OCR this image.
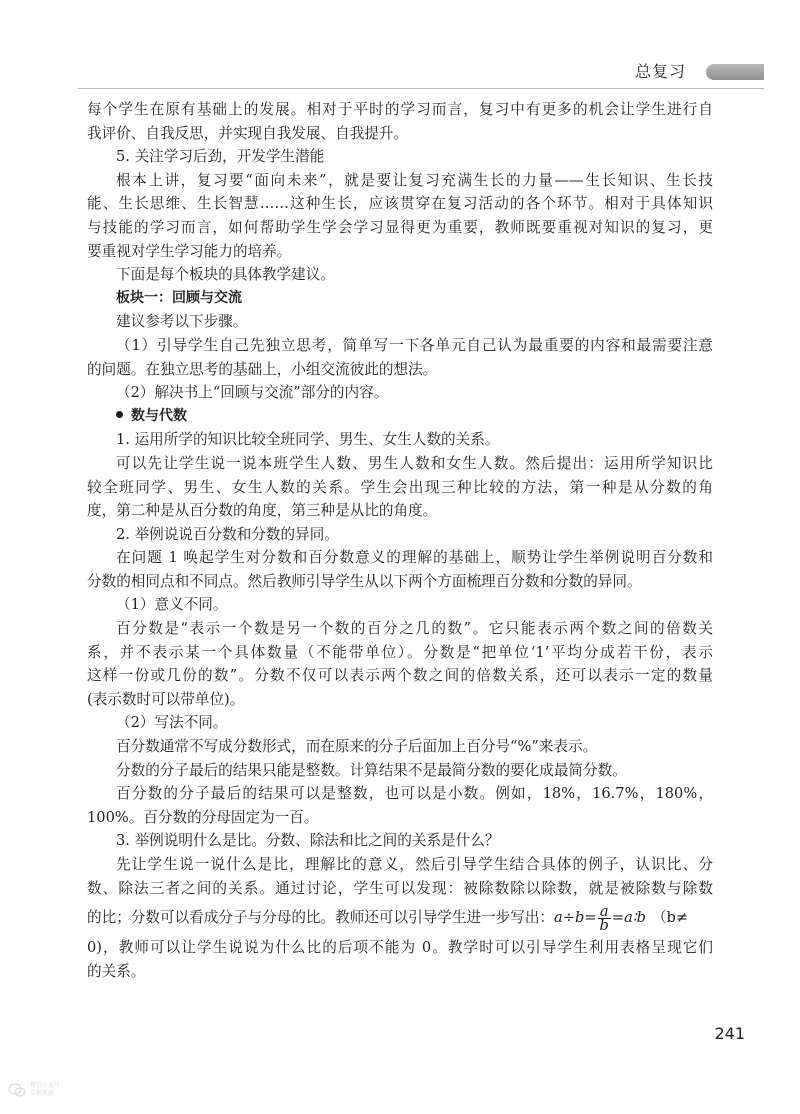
总复习
每个学生在原有基础上的发展。相对于平时的学习而言，复习中有更多的机会让学生进行自
我评价、自我反思，并实现自我发展、自我提升。
5. 关注学习后劲，开发学生潜能
根本上讲，复习要“面向未来”，就是要让复习充满生长的力量——生长知识、生长技
能、生长思维、生长智慧……这种生长，应该贯穿在复习活动的各个环节。相对于具体知识
与技能的学习而言，如何帮助学生学会学习显得更为重要，教师既要重视对知识的复习，更
要重视对学生学习能力的培养。
下面是每个板块的具体教学建议。
板块一：回顾与交流
建议参考以下步骤。
（1）引导学生自己先独立思考，简单写一下各单元自己认为最重要的内容和最需要注意
的问题。在独立思考的基础上，小组交流彼此的想法。
（2）解决书上“回顾与交流”部分的内容。
数与代数
1. 运用所学的知识比较全班同学、男生、女生人数的关系。
可以先让学生说一说本班学生人数、男生人数和女生人数。然后提出：运用所学知识比
较全班同学、男生、女生人数的关系。学生会出现三种比较的方法，第一种是从分数的角
度，第二种是从百分数的角度，第三种是从比的角度。
2. 举例说说百分数和分数的异同。
在问题 1 唤起学生对分数和百分数意义的理解的基础上，顺势让学生举例说明百分数和
分数的相同点和不同点。然后教师引导学生从以下两个方面梳理百分数和分数的异同。
（1）意义不同。
百分数是“表示一个数是另一个数的百分之几的数”。它只能表示两个数之间的倍数关
系，并不表示某一个具体数量（不能带单位）。分数是“把单位‘1’平均分成若干份，表示
这样一份或几份的数”。分数不仅可以表示两个数之间的倍数关系，还可以表示一定的数量
(表示数时可以带单位)。
（2）写法不同。
百分数通常不写成分数形式，而在原来的分子后面加上百分号“%”来表示。
分数的分子最后的结果只能是整数。计算结果不是最简分数的要化成最简分数。
百分数的分子最后的结果可以是整数，也可以是小数。例如，18%，16.7%，180%，
100%。百分数的分母固定为一百。
3. 举例说明什么是比。分数、除法和比之间的关系是什么？
先让学生说一说什么是比，理解比的意义，然后引导学生结合具体的例子，认识比、分
数、除法三者之间的关系。通过讨论，学生可以发现：被除数除以除数，就是被除数与除数
的比；分数可以看成分子与分母的比。教师还可以引导学生进一步写出：$a\div b= \frac{a}{b}$ =a∶b （b≠
0)，教师可以让学生说说为什么比的后项不能为 0。教学时可以引导学生利用表格呈现它们
的关系。
241
微信公众号
草根教研
